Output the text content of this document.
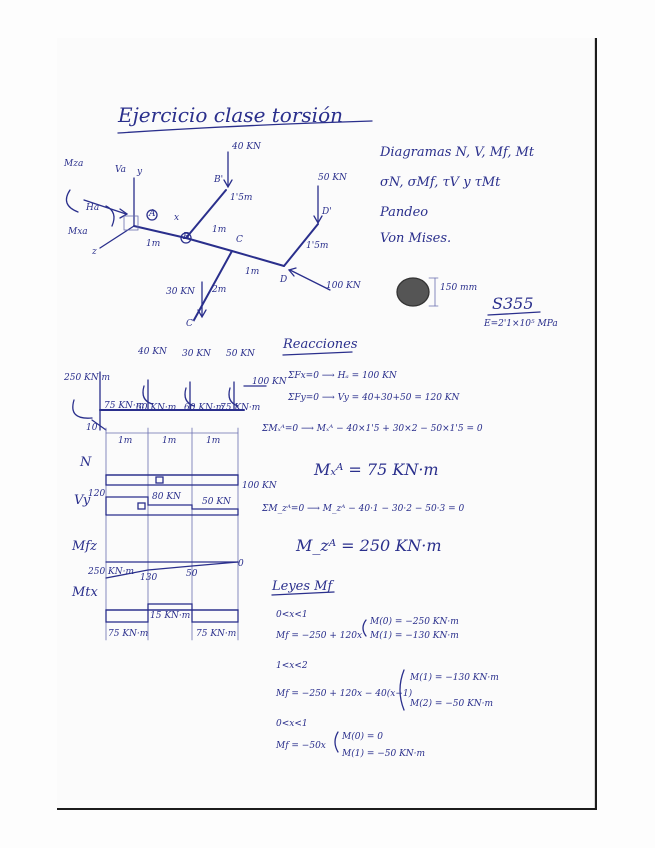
Ejercicio clase torsión
Diagramas N, V, Mf, Mt
σN, σMf, τV y τMt
Pandeo
Von Mises.
Mza
Va y
Ha
Mxa
z
x
A
B
B'
C
C'
D
D'
40 KN
50 KN
30 KN
100 KN
1m
1m
1m
1'5m
1'5m
2m	150 mm
S355
E=2'1×10⁵ MPa
Reacciones
ΣFx=0 ⟶ Hₐ = 100 KN
ΣFy=0 ⟶ Vy = 40+30+50 = 120 KN
ΣMₓᴬ=0 ⟶ Mₓᴬ − 40×1'5 + 30×2 − 50×1'5 = 0
Mₓᴬ = 75 KN·m
ΣM_zᴬ=0 ⟶ M_zᴬ − 40·1 − 30·2 − 50·3 = 0
M_zᴬ = 250 KN·m
250 KN·m
75 KN·m
40 KN 30 KN 50 KN
100 KN
60 KN·m 60 KN·m
75 KN·m
10
1m	1m	1m
N
100 KN
Vy
120	80 KN 50 KN
Mfz
250 KN·m
130	50
0
Mtx
75 KN·m
15 KN·m
75 KN·m
Leyes Mf
0<x<1
Mf = −250 + 120x
M(0) = −250 KN·m
M(1) = −130 KN·m
1<x<2
Mf = −250 + 120x − 40(x−1)
M(1) = −130 KN·m
M(2) = −50 KN·m
0<x<1
Mf = −50x
M(0) = 0
M(1) = −50 KN·m
